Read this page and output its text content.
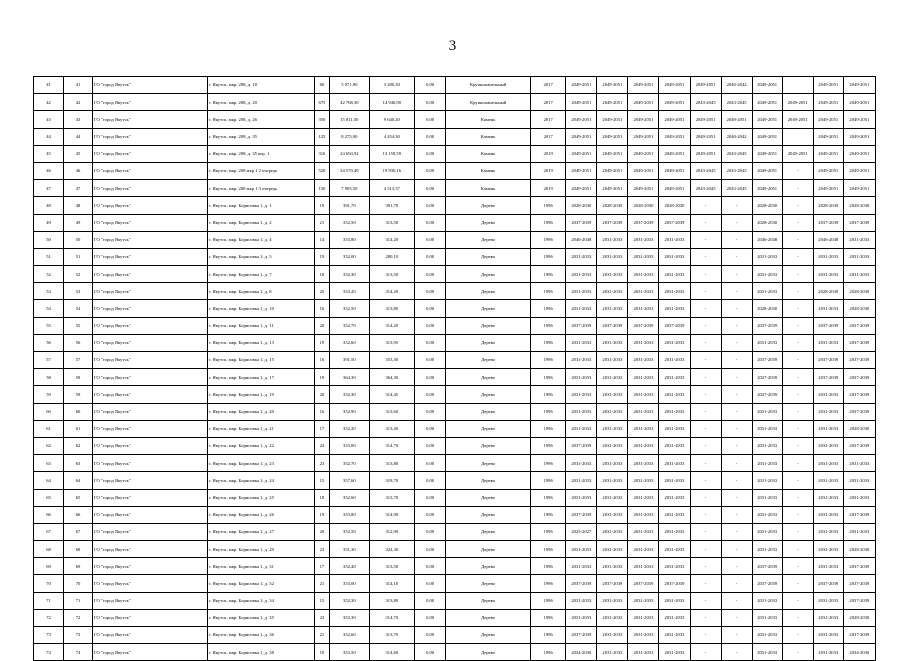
3
41	41	ГО "город Якутск"	г. Якутск, мкр. 208, д. 18	60	5 071,90	3 280,30	0,00	Крупнопанельный	2017	2049-2051	2049-2051	2049-2051	2049-2051	2049-2051	2040-2042	2049-2051		2049-2051	2049-2051
42	42	ГО "город Якутск"	г. Якутск, мкр. 208, д. 20	675	42 768,30	14 946,90	0,00	Крупнопанельный	2017	2049-2051	2049-2051	2049-2051	2049-2051	2043-2045	2043-2045	2049-2051	2049-2051	2049-2051	2049-2051
43	43	ГО "город Якутск"	г. Якутск, мкр. 208, д. 26	350	15 811,50	9 640,20	0,00	Камень	2017	2049-2051	2049-2051	2049-2051	2049-2051	2049-2051	2049-2051	2049-2051	2049-2051	2049-2051	2049-2051
44	44	ГО "город Якутск"	г. Якутск, мкр. 208, д. 35	125	8 275,90	4 454,30	0,00	Камень	2017	2049-2051	2049-2051	2049-2051	2049-2051	2049-2051	2040-2042	2049-2051		2049-2051	2049-2051
45	45	ГО "город Якутск"	г. Якутск, мкр. 208, д. 35 кор. 1	316	24 694,92	13 159,59	0,00	Камень	2019	2049-2051	2049-2051	2049-2051	2049-2051	2049-2051	2043-2045	2049-2051	2049-2051	2049-2051	2049-2051
46	46	ГО "город Якутск"	г. Якутск, мкр. 208 мкр 1 2 очередь	520	34 570,49	19 930,16	0,00	Камень	2019	2049-2051	2049-2051	2049-2051	2049-2051	2043-2045	2043-2045	2049-2051	-	2049-2051	2049-2051
47	47	ГО "город Якутск"	г. Якутск, мкр. 208 мкр 1 3 очередь	130	7 905,50	4 513,37	0,00	Камень	2019	2049-2051	2049-2051	2049-2051	2049-2051	2043-2045	2043-2045	2049-2051	-	2049-2051	2049-2051
48	48	ГО "город Якутск"	г. Якутск, мкр. Борисовка 1, д. 1	19	391,70	391,70	0,00	Дерево	1996	2028-2030	2028-2030	2028-2030	2028-2030	-	-	2028-2030	-	2028-2030	2028-2030
49	49	ГО "город Якутск"	г. Якутск, мкр. Борисовка 1, д. 2	21	352,50	313,50	0,00	Дерево	1996	2037-2039	2037-2039	2037-2039	2037-2039	-	-	2028-2030	-	2037-2039	2037-2039
50	50	ГО "город Якутск"	г. Якутск, мкр. Борисовка 1, д. 4	14	353,80	314,20	0,00	Дерево	1996	2046-2048	2031-2033	2031-2033	2031-2033	-	-	2046-2048	-	2046-2048	2031-2033
51	51	ГО "город Якутск"	г. Якутск, мкр. Борисовка 1, д. 5	19	352,00	280,10	0,00	Дерево	1996	2031-2033	2031-2033	2031-2033	2031-2033	-	-	2031-2033	-	2031-2033	2031-2033
52	52	ГО "город Якутск"	г. Якутск, мкр. Борисовка 1, д. 7	18	352,30	313,50	0,00	Дерево	1996	2031-2033	2031-2033	2031-2033	2031-2033	-	-	2031-2033	-	2031-2033	2031-2033
53	53	ГО "город Якутск"	г. Якутск, мкр. Борисовка 1, д. 8	25	353,20	314,20	0,00	Дерево	1996	2031-2033	2031-2033	2031-2033	2031-2033	-	-	2031-2033	-	2028-2030	2028-2030
54	54	ГО "город Якутск"	г. Якутск, мкр. Борисовка 1, д. 10	16	352,50	313,80	0,00	Дерево	1996	2031-2033	2031-2033	2031-2033	2031-2033	-	-	2028-2030	-	2031-2033	2028-2030
55	55	ГО "город Якутск"	г. Якутск, мкр. Борисовка 1, д. 11	20	352,70	314,20	0,00	Дерево	1996	2037-2039	2037-2039	2037-2039	2037-2039	-	-	2037-2039	-	2037-2039	2037-2039
56	56	ГО "город Якутск"	г. Якутск, мкр. Борисовка 1, д. 13	19	352,60	313,95	0,00	Дерево	1996	2031-2033	2031-2033	2031-2033	2031-2033	-	-	2031-2033	-	2031-2033	2037-2039
57	57	ГО "город Якутск"	г. Якутск, мкр. Борисовка 1, д. 15	16	391,50	353,30	0,00	Дерево	1996	2031-2033	2031-2033	2031-2033	2031-2033	-	-	2037-2039	-	2037-2039	2037-2039
58	58	ГО "город Якутск"	г. Якутск, мкр. Борисовка 1, д. 17	19	364,30	364,30	0,00	Дерево	1996	2031-2033	2031-2033	2031-2033	2031-2033	-	-	2037-2039	-	2037-2039	2037-2039
59	59	ГО "город Якутск"	г. Якутск, мкр. Борисовка 1, д. 19	20	352,30	314,45	0,00	Дерево	1996	2031-2033	2031-2033	2031-2033	2031-2033	-	-	2037-2039	-	2031-2033	2037-2039
60	60	ГО "город Якутск"	г. Якутск, мкр. Борисовка 1, д. 20	16	352,90	313,60	0,00	Дерево	1996	2031-2033	2031-2033	2031-2033	2031-2033	-	-	2031-2033	-	2031-2033	2037-2039
61	61	ГО "город Якутск"	г. Якутск, мкр. Борисовка 1, д. 21	17	352,20	313,40	0,00	Дерево	1996	2031-2033	2031-2033	2031-2033	2031-2033	-	-	2031-2033	-	2031-2033	2028-2030
62	62	ГО "город Якутск"	г. Якутск, мкр. Борисовка 1, д. 22	24	353,00	314,70	0,00	Дерево	1996	2037-2039	2031-2033	2031-2033	2031-2033	-	-	2031-2033	-	2031-2033	2037-2039
63	63	ГО "город Якутск"	г. Якутск, мкр. Борисовка 1, д. 23	23	352,70	313,80	0,00	Дерево	1996	2031-2033	2031-2033	2031-2033	2031-2033	-	-	2031-2033	-	2031-2033	2031-2033
64	64	ГО "город Якутск"	г. Якутск, мкр. Борисовка 1, д. 24	15	357,60	318,70	0,00	Дерево	1996	2031-2033	2031-2033	2031-2033	2031-2033	-	-	2031-2033	-	2031-2033	2031-2033
65	65	ГО "город Якутск"	г. Якутск, мкр. Борисовка 1, д. 25	18	352,60	313,70	0,00	Дерево	1996	2031-2033	2031-2033	2031-2033	2031-2033	-	-	2031-2033	-	2031-2033	2031-2033
66	66	ГО "город Якутск"	г. Якутск, мкр. Борисовка 1, д. 26	19	353,80	314,90	0,00	Дерево	1996	2037-2039	2031-2033	2031-2033	2031-2033	-	-	2031-2033	-	2031-2033	2037-2039
67	67	ГО "город Якутск"	г. Якутск, мкр. Борисовка 1, д. 27	20	352,50	312,90	0,00	Дерево	1996	2025-2027	2031-2033	2031-2033	2031-2033	-	-	2031-2033	-	2031-2033	2031-2033
68	68	ГО "город Якутск"	г. Якутск, мкр. Борисовка 1, д. 29	23	351,30	324,30	0,00	Дерево	1996	2031-2033	2031-2033	2031-2033	2031-2033	-	-	2031-2033	-	2031-2033	2028-2030
69	69	ГО "город Якутск"	г. Якутск, мкр. Борисовка 1, д. 31	17	352,40	313,50	0,00	Дерево	1996	2031-2033	2031-2033	2031-2033	2031-2033	-	-	2037-2039	-	2031-2033	2037-2039
70	70	ГО "город Якутск"	г. Якутск, мкр. Борисовка 1, д. 32	21	353,00	314,10	0,00	Дерево	1996	2037-2039	2037-2039	2037-2039	2037-2039	-	-	2037-2039	-	2037-2039	2037-2039
71	71	ГО "город Якутск"	г. Якутск, мкр. Борисовка 1, д. 34	15	352,30	313,80	0,00	Дерево	1996	2031-2033	2031-2033	2031-2033	2031-2033	-	-	2031-2033	-	2031-2033	2037-2039
72	72	ГО "город Якутск"	г. Якутск, мкр. Борисовка 1, д. 35	23	353,30	314,70	0,00	Дерево	1996	2031-2033	2031-2033	2031-2033	2031-2033	-	-	2031-2033	-	2031-2033	2028-2030
73	73	ГО "город Якутск"	г. Якутск, мкр. Борисовка 1, д. 36	21	352,60	313,70	0,00	Дерево	1996	2037-2039	2031-2033	2031-2033	2031-2033	-	-	2031-2033	-	2031-2033	2037-2039
74	74	ГО "город Якутск"	г. Якутск, мкр. Борисовка 1, д. 38	18	353,50	314,60	0,00	Дерево	1996	2034-2036	2031-2033	2031-2033	2031-2033	-	-	2031-2033	-	2031-2033	2034-2036
